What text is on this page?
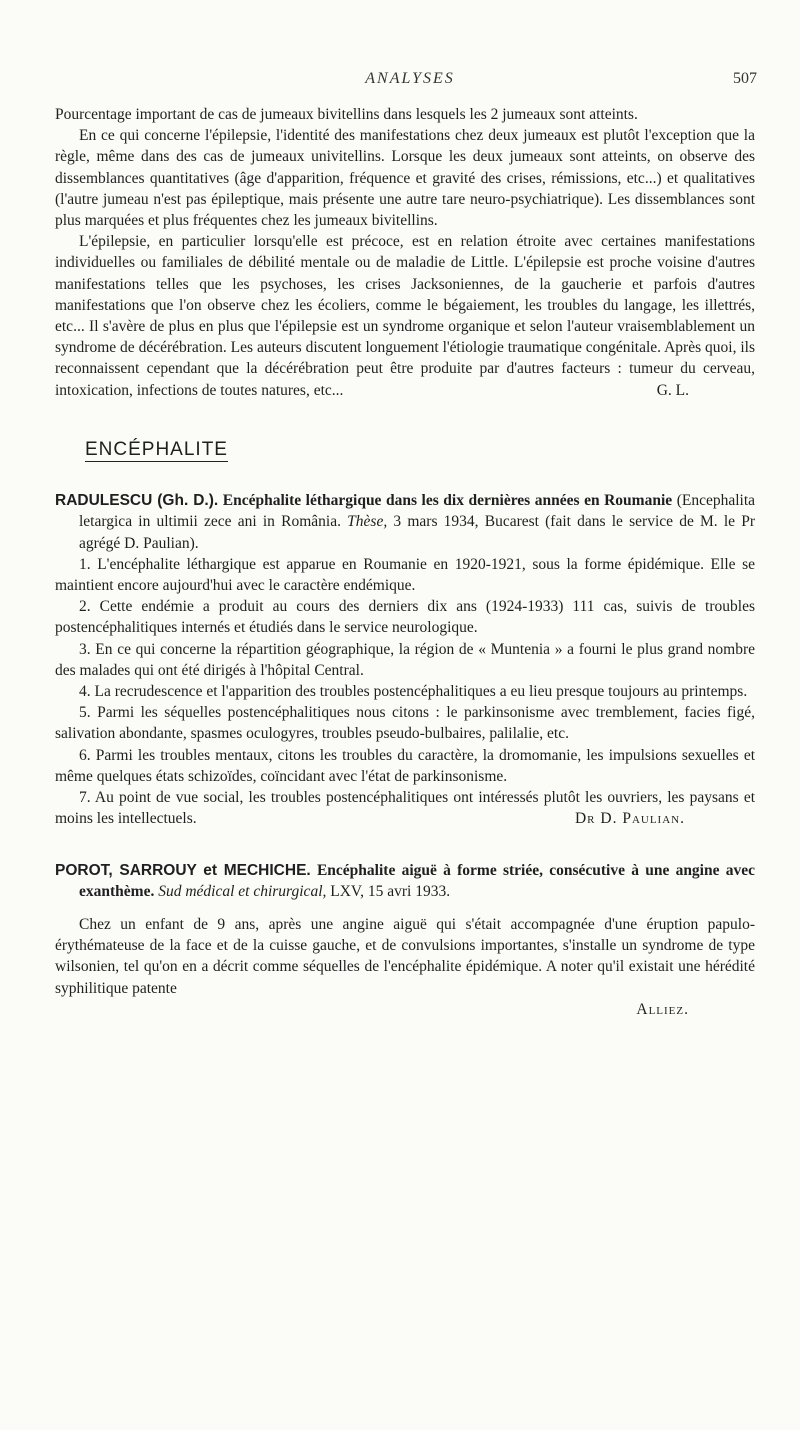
ANALYSES	507

Pourcentage important de cas de jumeaux bivitellins dans lesquels les 2 jumeaux sont atteints.

En ce qui concerne l'épilepsie, l'identité des manifestations chez deux jumeaux est plutôt l'exception que la règle, même dans des cas de jumeaux univitellins. Lorsque les deux jumeaux sont atteints, on observe des dissemblances quantitatives (âge d'apparition, fréquence et gravité des crises, rémissions, etc...) et qualitatives (l'autre jumeau n'est pas épileptique, mais présente une autre tare neuro-psychiatrique). Les dissemblances sont plus marquées et plus fréquentes chez les jumeaux bivitellins.

L'épilepsie, en particulier lorsqu'elle est précoce, est en relation étroite avec certaines manifestations individuelles ou familiales de débilité mentale ou de maladie de Little. L'épilepsie est proche voisine d'autres manifestations telles que les psychoses, les crises Jacksoniennes, de la gaucherie et parfois d'autres manifestations que l'on observe chez les écoliers, comme le bégaiement, les troubles du langage, les illettrés, etc... Il s'avère de plus en plus que l'épilepsie est un syndrome organique et selon l'auteur vraisemblablement un syndrome de décérébration. Les auteurs discutent longuement l'étiologie traumatique congénitale. Après quoi, ils reconnaissent cependant que la décérébration peut être produite par d'autres facteurs : tumeur du cerveau, intoxication, infections de toutes natures, etc...	G. L.

ENCÉPHALITE

RADULESCU (Gh. D.). Encéphalite léthargique dans les dix dernières années en Roumanie (Encephalita letargica in ultimii zece ani in România. Thèse, 3 mars 1934, Bucarest (fait dans le service de M. le Pr agrégé D. Paulian).

1. L'encéphalite léthargique est apparue en Roumanie en 1920-1921, sous la forme épidémique. Elle se maintient encore aujourd'hui avec le caractère endémique.

2. Cette endémie a produit au cours des derniers dix ans (1924-1933) 111 cas, suivis de troubles postencéphalitiques internés et étudiés dans le service neurologique.

3. En ce qui concerne la répartition géographique, la région de « Muntenia » a fourni le plus grand nombre des malades qui ont été dirigés à l'hôpital Central.

4. La recrudescence et l'apparition des troubles postencéphalitiques a eu lieu presque toujours au printemps.

5. Parmi les séquelles postencéphalitiques nous citons : le parkinsonisme avec tremblement, facies figé, salivation abondante, spasmes oculogyres, troubles pseudo-bulbaires, palilalie, etc.

6. Parmi les troubles mentaux, citons les troubles du caractère, la dromomanie, les impulsions sexuelles et même quelques états schizoïdes, coïncidant avec l'état de parkinsonisme.

7. Au point de vue social, les troubles postencéphalitiques ont intéressés plutôt les ouvriers, les paysans et moins les intellectuels.	Dr D. Paulian.

POROT, SARROUY et MECHICHE. Encéphalite aiguë à forme striée, consécutive à une angine avec exanthème. Sud médical et chirurgical, LXV, 15 avri 1933.

Chez un enfant de 9 ans, après une angine aiguë qui s'était accompagnée d'une éruption papulo-érythémateuse de la face et de la cuisse gauche, et de convulsions importantes, s'installe un syndrome de type wilsonien, tel qu'on en a décrit comme séquelles de l'encéphalite épidémique. A noter qu'il existait une hérédité syphilitique patente

Alliez.
